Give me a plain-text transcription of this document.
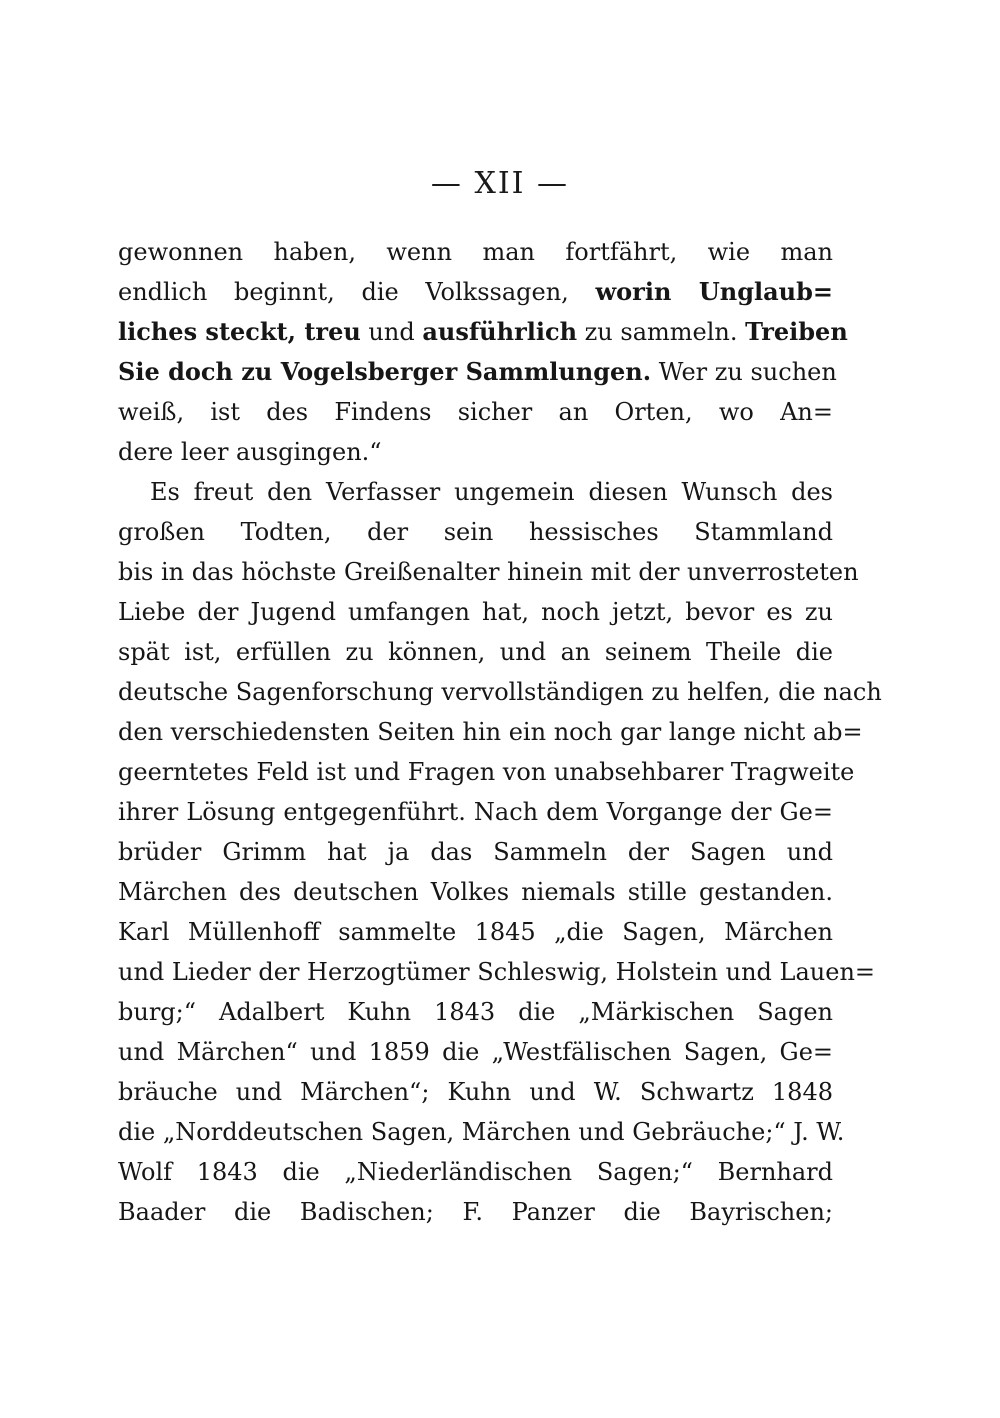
— XII —
gewonnen haben, wenn man fortfährt, wie man
endlich beginnt, die Volkssagen, worin Unglaub=
liches steckt, treu und ausführlich zu sammeln. Treiben
Sie doch zu Vogelsberger Sammlungen. Wer zu suchen
weiß, ist des Findens sicher an Orten, wo An=
dere leer ausgingen.“
Es freut den Verfasser ungemein diesen Wunsch des
großen Todten, der sein hessisches Stammland
bis in das höchste Greißenalter hinein mit der unverrosteten
Liebe der Jugend umfangen hat, noch jetzt, bevor es zu
spät ist, erfüllen zu können, und an seinem Theile die
deutsche Sagenforschung vervollständigen zu helfen, die nach
den verschiedensten Seiten hin ein noch gar lange nicht ab=
geerntetes Feld ist und Fragen von unabsehbarer Tragweite
ihrer Lösung entgegenführt. Nach dem Vorgange der Ge=
brüder Grimm hat ja das Sammeln der Sagen und
Märchen des deutschen Volkes niemals stille gestanden.
Karl Müllenhoff sammelte 1845 „die Sagen, Märchen
und Lieder der Herzogtümer Schleswig, Holstein und Lauen=
burg;“ Adalbert Kuhn 1843 die „Märkischen Sagen
und Märchen“ und 1859 die „Westfälischen Sagen, Ge=
bräuche und Märchen“; Kuhn und W. Schwartz 1848
die „Norddeutschen Sagen, Märchen und Gebräuche;“ J. W.
Wolf 1843 die „Niederländischen Sagen;“ Bernhard
Baader die Badischen; F. Panzer die Bayrischen;
